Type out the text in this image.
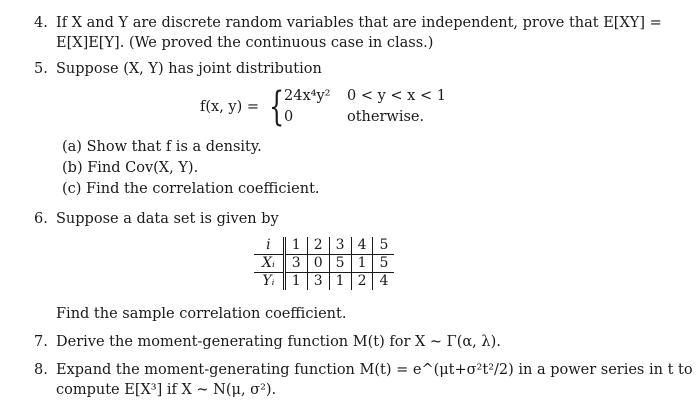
4. If X and Y are discrete random variables that are independent, prove that E[XY] =
E[X]E[Y]. (We proved the continuous case in class.)
5. Suppose (X, Y) has joint distribution
f(x, y) = { 24x⁴y² 0 < y < x < 1
0	otherwise.
(a) Show that f is a density.
(b) Find Cov(X, Y).
(c) Find the correlation coefficient.
6. Suppose a data set is given by
i	1	2	3	4	5
Xᵢ	3	0	5	1	5
Yᵢ	1	3	1	2	4
Find the sample correlation coefficient.
7. Derive the moment-generating function M(t) for X ~ Γ(α, λ).
8. Expand the moment-generating function M(t) = e^(μt+σ²t²/2) in a power series in t to
compute E[X³] if X ~ N(μ, σ²).
